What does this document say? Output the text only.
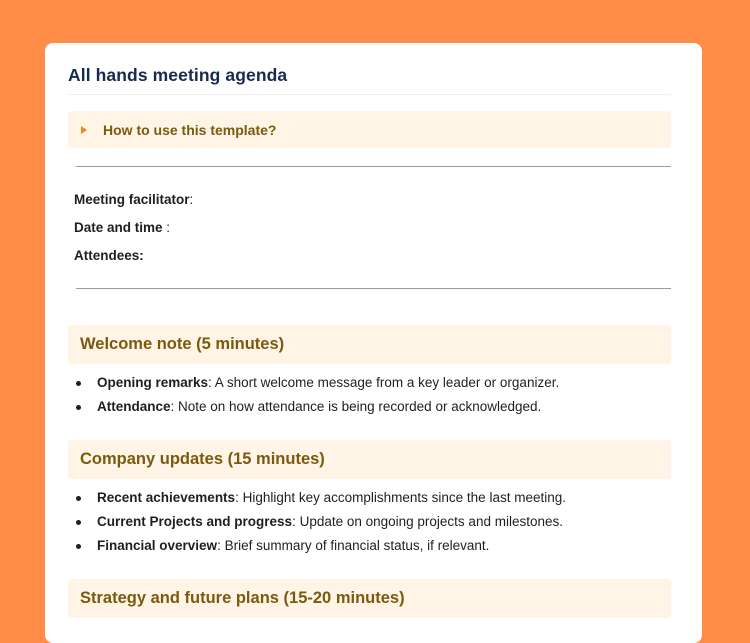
All hands meeting agenda
How to use this template?
Meeting facilitator:
Date and time :
Attendees:
Welcome note (5 minutes)
Opening remarks: A short welcome message from a key leader or organizer.
Attendance: Note on how attendance is being recorded or acknowledged.
Company updates (15 minutes)
Recent achievements: Highlight key accomplishments since the last meeting.
Current Projects and progress: Update on ongoing projects and milestones.
Financial overview: Brief summary of financial status, if relevant.
Strategy and future plans (15-20 minutes)
